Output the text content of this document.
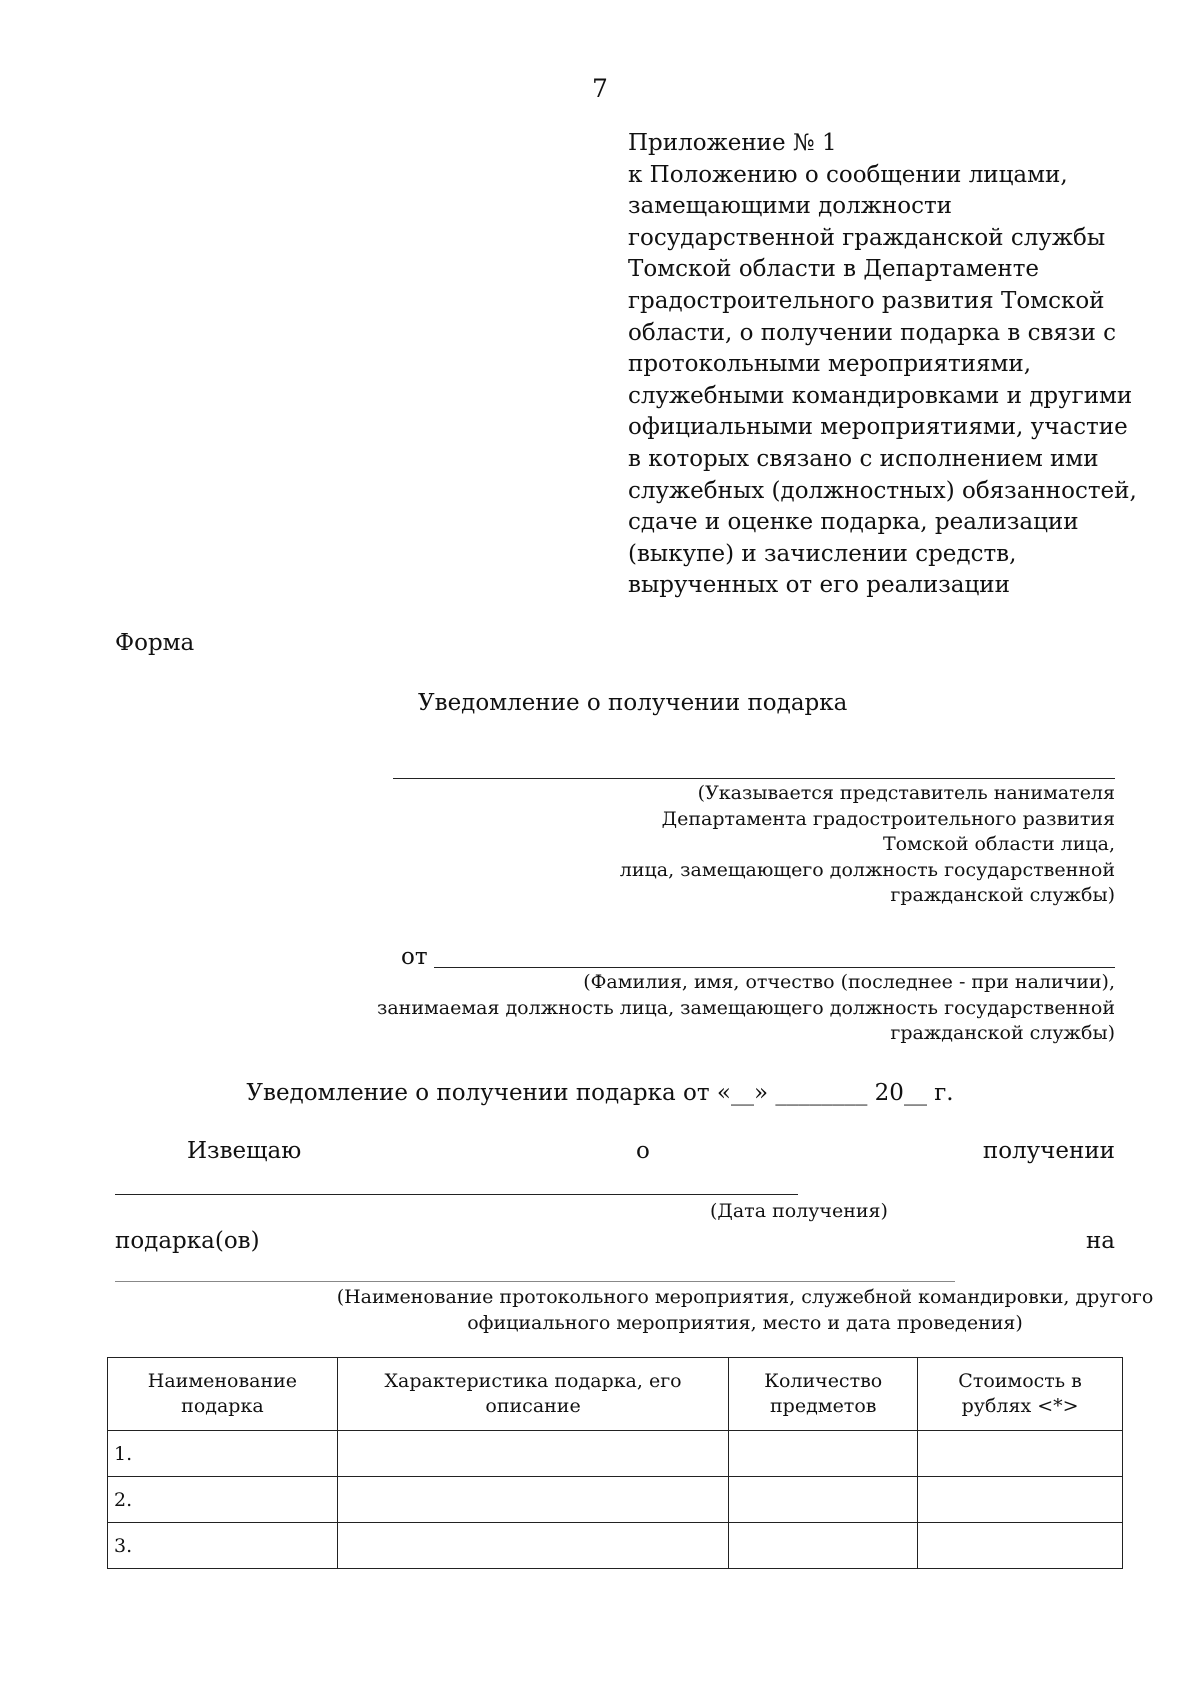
7
Приложение № 1
к Положению о сообщении лицами,
замещающими должности
государственной гражданской службы
Томской области в Департаменте
градостроительного развития Томской
области, о получении подарка в связи с
протокольными мероприятиями,
служебными командировками и другими
официальными мероприятиями, участие
в которых связано с исполнением ими
служебных (должностных) обязанностей,
сдаче и оценке подарка, реализации
(выкупе) и зачислении средств,
вырученных от его реализации
Форма
Уведомление о получении подарка
(Указывается представитель нанимателя
Департамента градостроительного развития
Томской области лица,
лица, замещающего должность государственной
гражданской службы)
от
(Фамилия, имя, отчество (последнее - при наличии),
занимаемая должность лица, замещающего должность государственной
гражданской службы)
Уведомление о получении подарка от «__» ________ 20__ г.
Извещаю	о	получении
(Дата получения)
подарка(ов)	на
(Наименование протокольного мероприятия, служебной командировки, другого
официального мероприятия, место и дата проведения)
Наименование подарка	Характеристика подарка, его описание	Количество предметов	Стоимость в рублях <*>
1.			
2.			
3.			
